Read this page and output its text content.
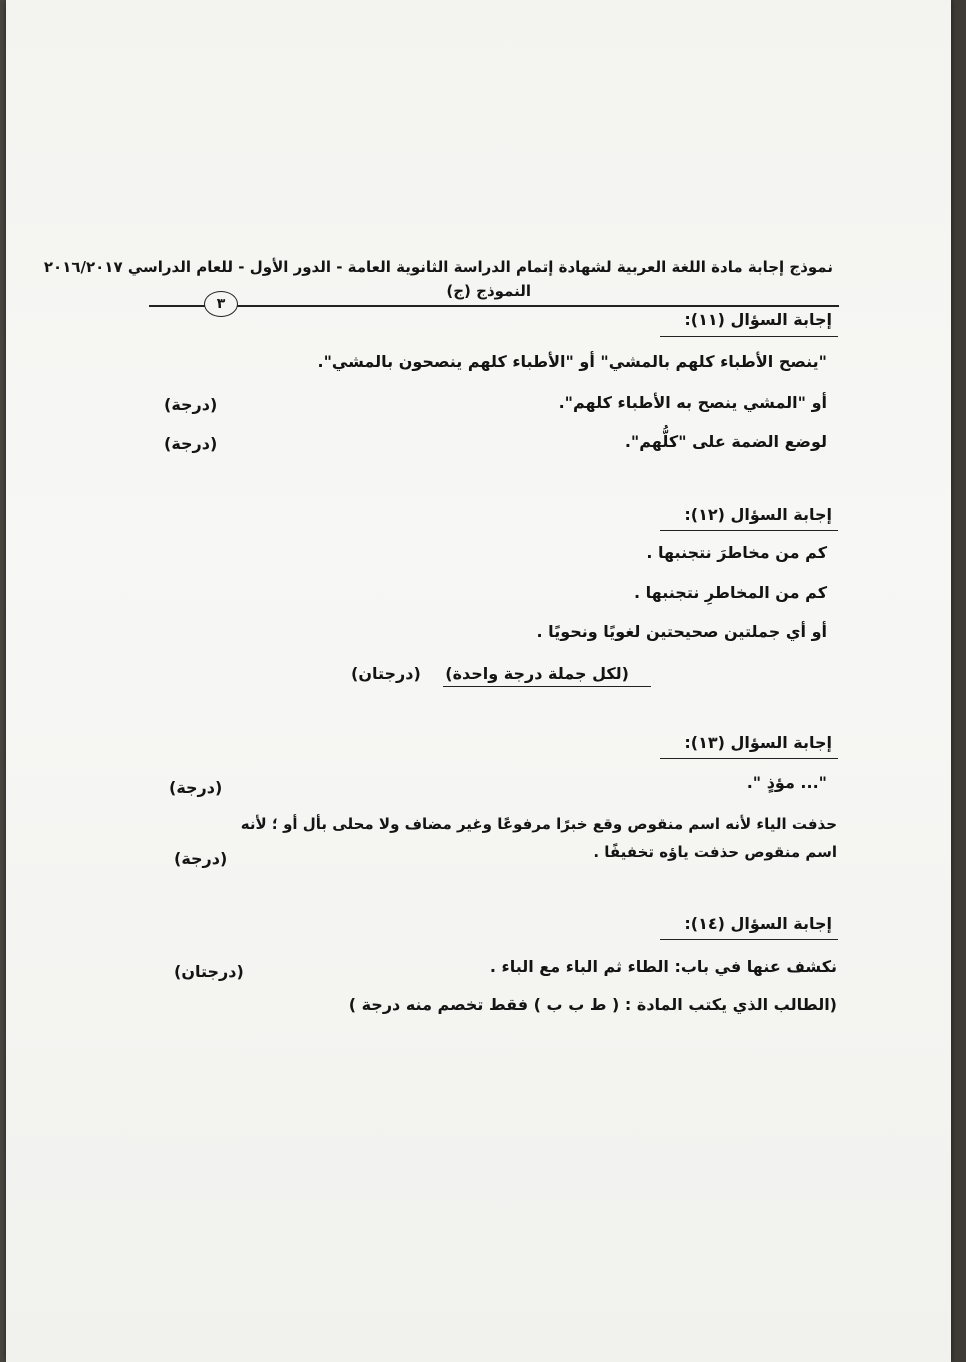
نموذج إجابة مادة اللغة العربية لشهادة إتمام الدراسة الثانوية العامة - الدور الأول - للعام الدراسي ٢٠١٦/٢٠١٧
النموذج (ج)
٣
إجابة السؤال (١١):
"ينصح الأطباء كلهم بالمشي" أو "الأطباء كلهم ينصحون بالمشي".
أو "المشي ينصح به الأطباء كلهم".
(درجة)
لوضع الضمة على "كلُّهم".
(درجة)
إجابة السؤال (١٢):
كم من مخاطرَ نتجنبها .
كم من المخاطرِ نتجنبها .
أو أي جملتين صحيحتين لغويًا ونحويًا .
(لكل جملة درجة واحدة)
(درجتان)
إجابة السؤال (١٣):
"... مؤذٍ ".
(درجة)
حذفت الياء لأنه اسم منقوص وقع خبرًا مرفوعًا وغير مضاف ولا محلى بأل أو ؛ لأنه
اسم منقوص حذفت ياؤه تخفيفًا .
(درجة)
إجابة السؤال (١٤):
نكشف عنها في باب: الطاء ثم الباء مع الباء .
(درجتان)
(الطالب الذي يكتب المادة : ( ط ب ب ) فقط تخصم منه درجة )
